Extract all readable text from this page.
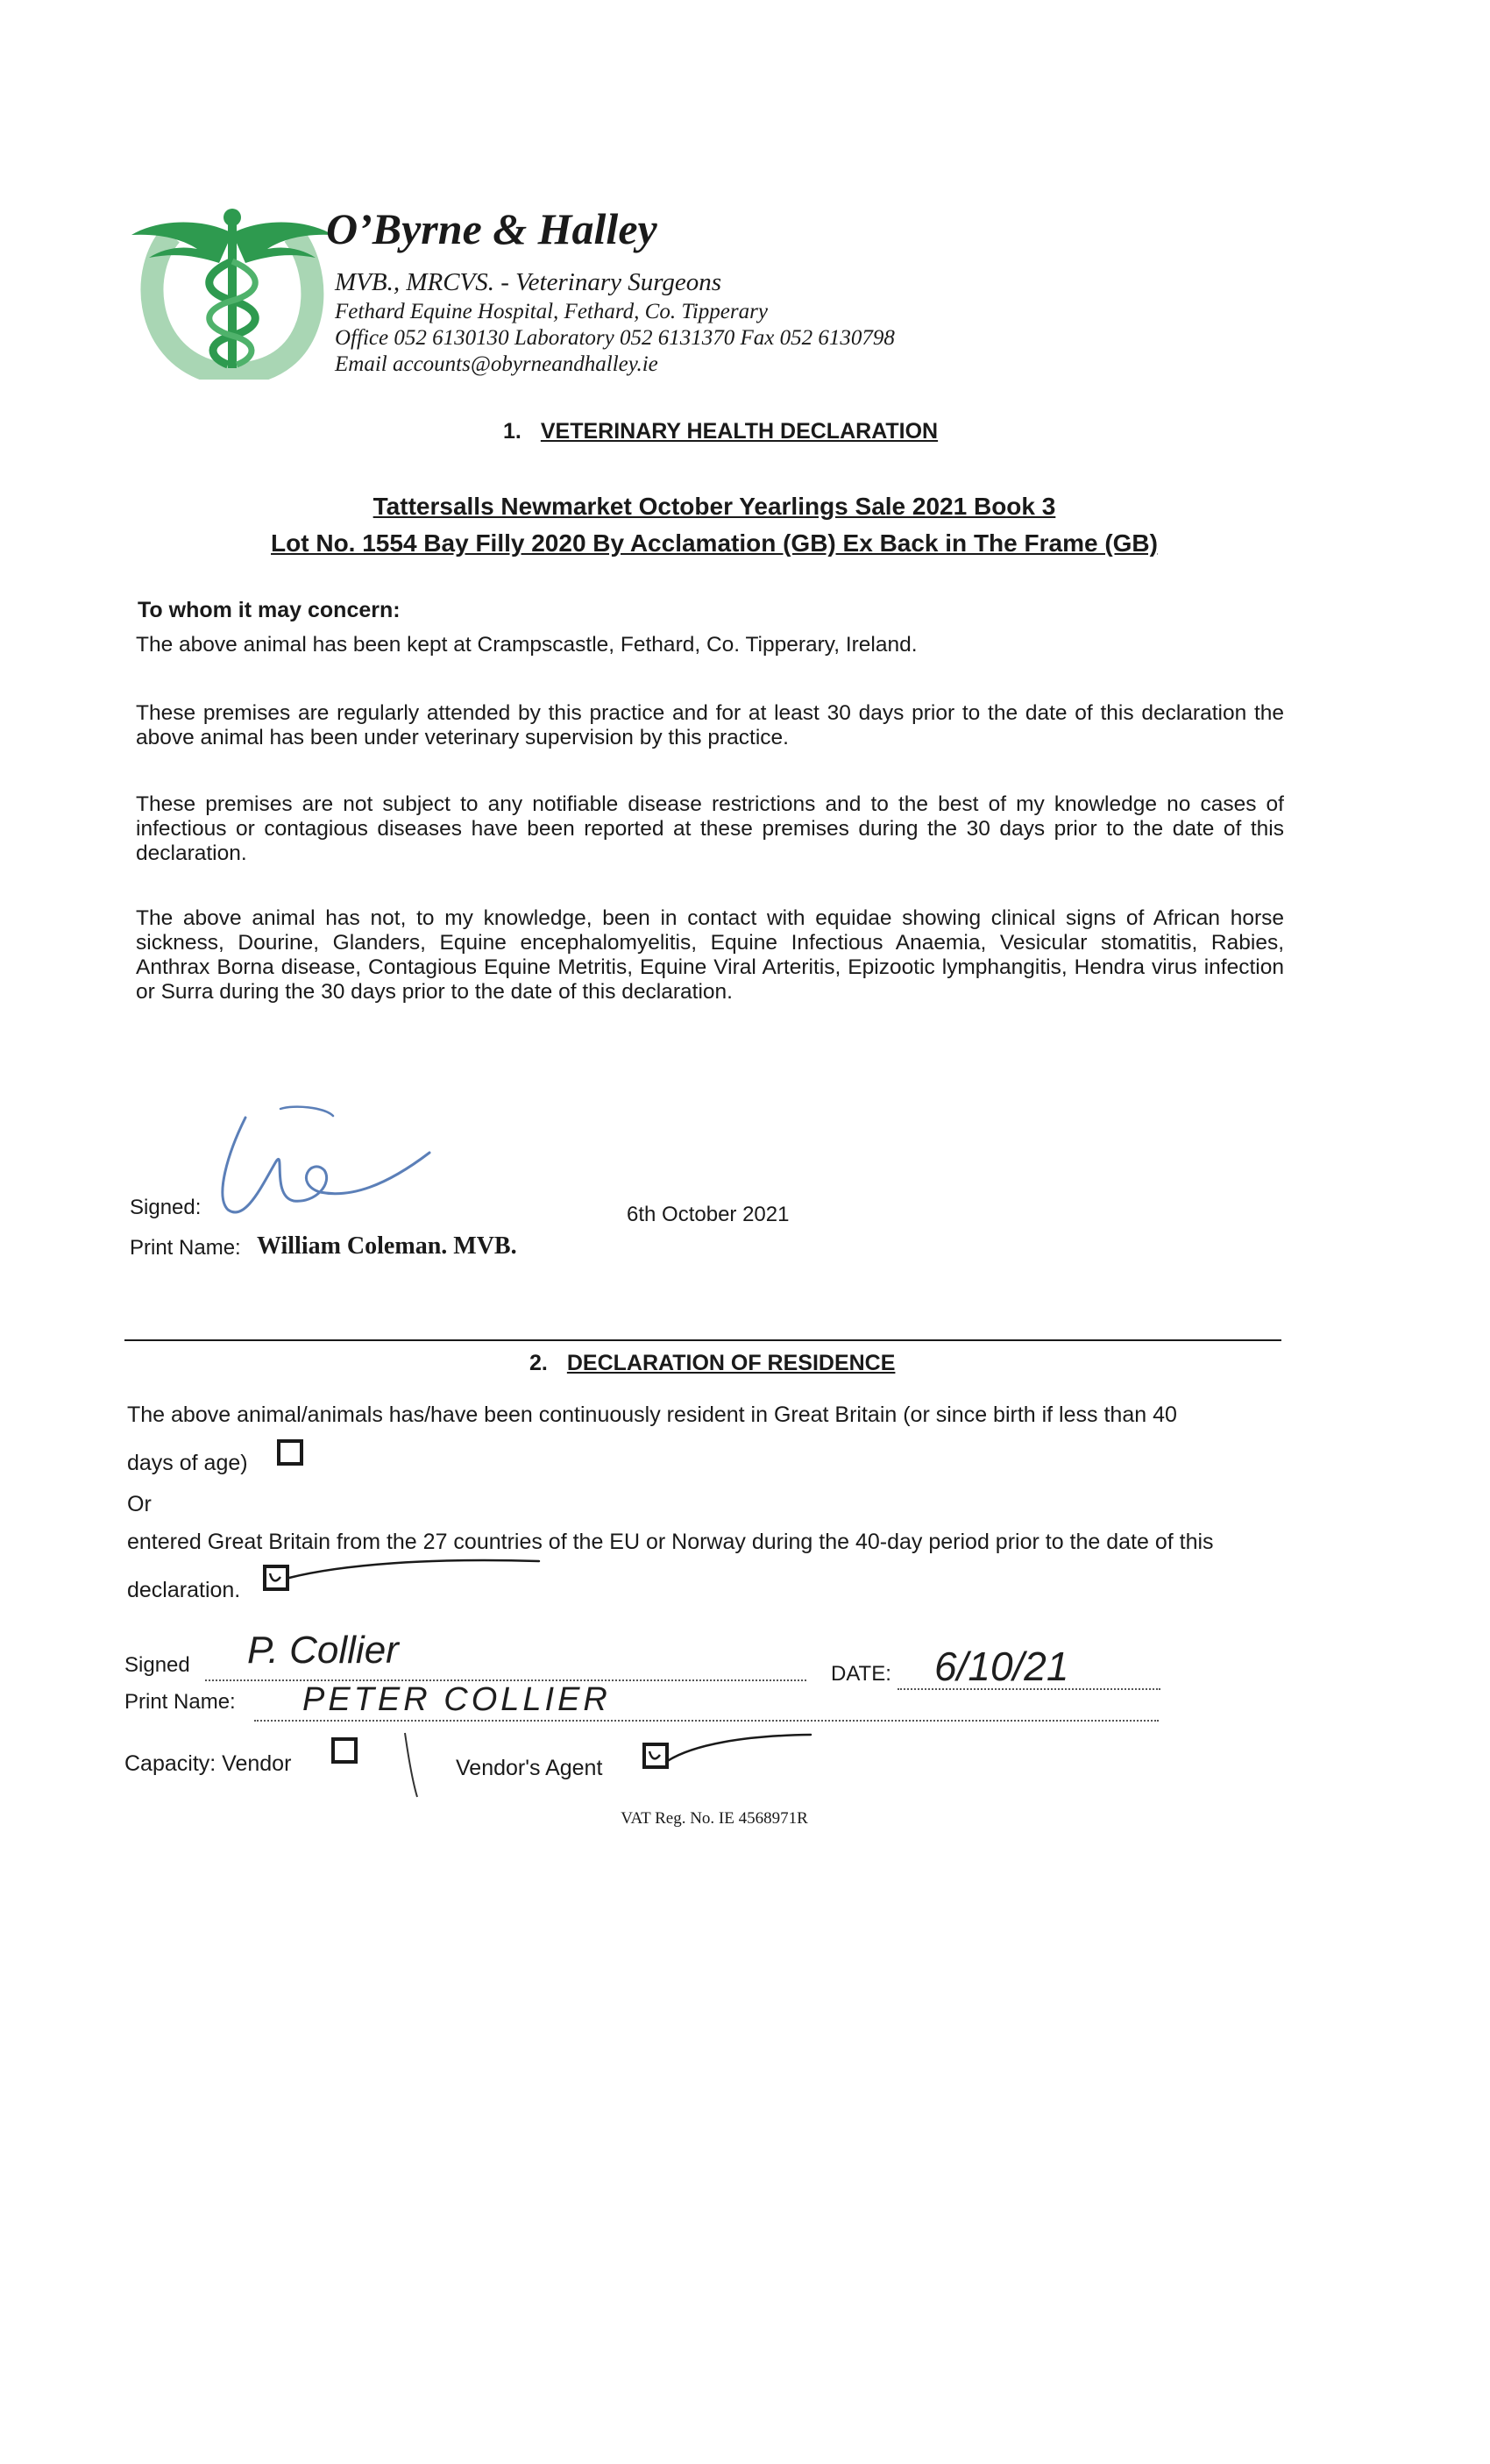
O’Byrne & Halley
MVB., MRCVS. - Veterinary Surgeons
Fethard Equine Hospital, Fethard, Co. Tipperary
Office 052 6130130 Laboratory 052 6131370 Fax 052 6130798
Email accounts@obyrneandhalley.ie
1. VETERINARY HEALTH DECLARATION
Tattersalls Newmarket October Yearlings Sale 2021 Book 3
Lot No. 1554 Bay Filly 2020 By Acclamation (GB) Ex Back in The Frame (GB)
To whom it may concern:
The above animal has been kept at Crampscastle, Fethard, Co. Tipperary, Ireland.
These premises are regularly attended by this practice and for at least 30 days prior to the date of this declaration the above animal has been under veterinary supervision by this practice.
These premises are not subject to any notifiable disease restrictions and to the best of my knowledge no cases of infectious or contagious diseases have been reported at these premises during the 30 days prior to the date of this declaration.
The above animal has not, to my knowledge, been in contact with equidae showing clinical signs of African horse sickness, Dourine, Glanders, Equine encephalomyelitis, Equine Infectious Anaemia, Vesicular stomatitis, Rabies, Anthrax Borna disease, Contagious Equine Metritis, Equine Viral Arteritis, Epizootic lymphangitis, Hendra virus infection or Surra during the 30 days prior to the date of this declaration.
Signed:	6th October 2021
Print Name: William Coleman. MVB.
2. DECLARATION OF RESIDENCE
The above animal/animals has/have been continuously resident in Great Britain (or since birth if less than 40
days of age)
Or
entered Great Britain from the 27 countries of the EU or Norway during the 40-day period prior to the date of this
declaration.
Signed P. Collier
DATE: 6/10/21
Print Name: PETER COLLIER
Capacity: Vendor	Vendor's Agent
VAT Reg. No. IE 4568971R
